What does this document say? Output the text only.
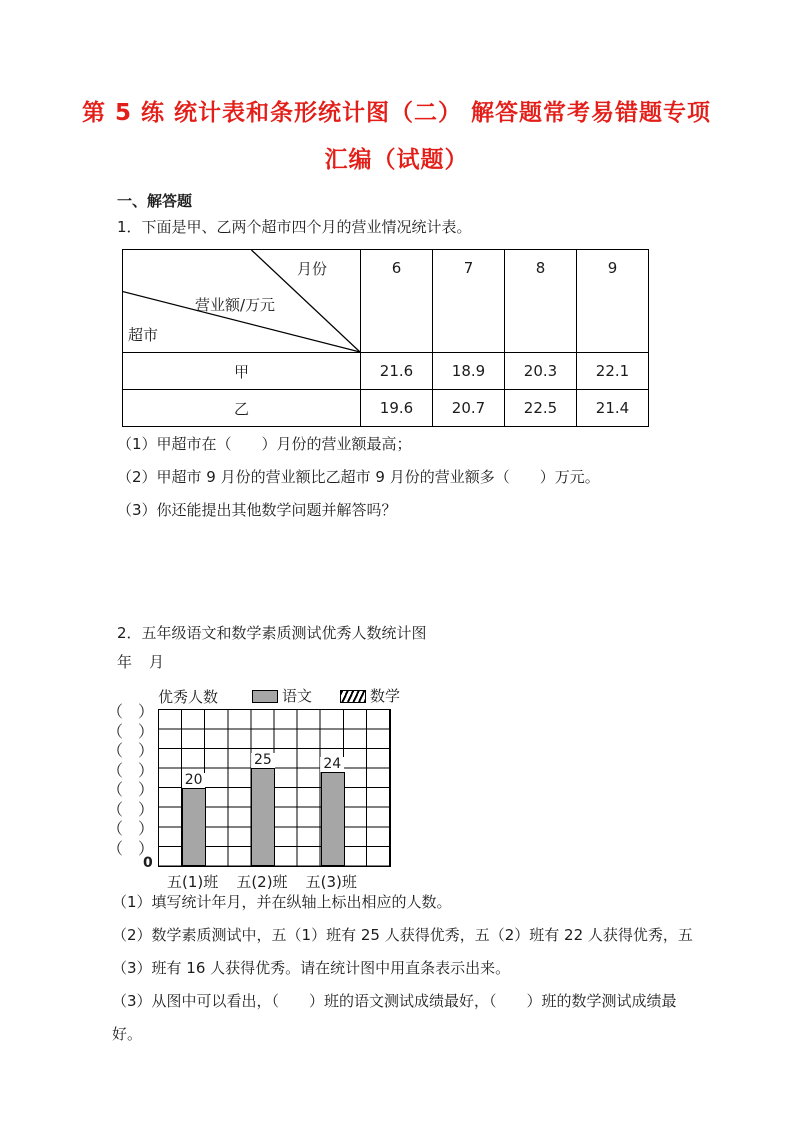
第 5 练 统计表和条形统计图（二） 解答题常考易错题专项
汇编（试题）
一、解答题
1．下面是甲、乙两个超市四个月的营业情况统计表。
月份
营业额/万元
超市	6	7	8	9
甲	21.6	18.9	20.3	22.1
乙	19.6	20.7	22.5	21.4
（1）甲超市在（　　）月份的营业额最高；
（2）甲超市 9 月份的营业额比乙超市 9 月份的营业额多（　　）万元。
（3）你还能提出其他数学问题并解答吗？
2．五年级语文和数学素质测试优秀人数统计图
年 月
优秀人数	语文	数学
20
25	24
0
（ ）
（ ）
（ ）
（ ）
（ ）
（ ）
（ ）
（ ）
五(1)班 五(2)班 五(3)班
（1）填写统计年月，并在纵轴上标出相应的人数。
（2）数学素质测试中，五（1）班有 25 人获得优秀，五（2）班有 22 人获得优秀，五（3）班有 16 人获得优秀。请在统计图中用直条表示出来。
（3）从图中可以看出，（　　）班的语文测试成绩最好，（　　）班的数学测试成绩最好。
